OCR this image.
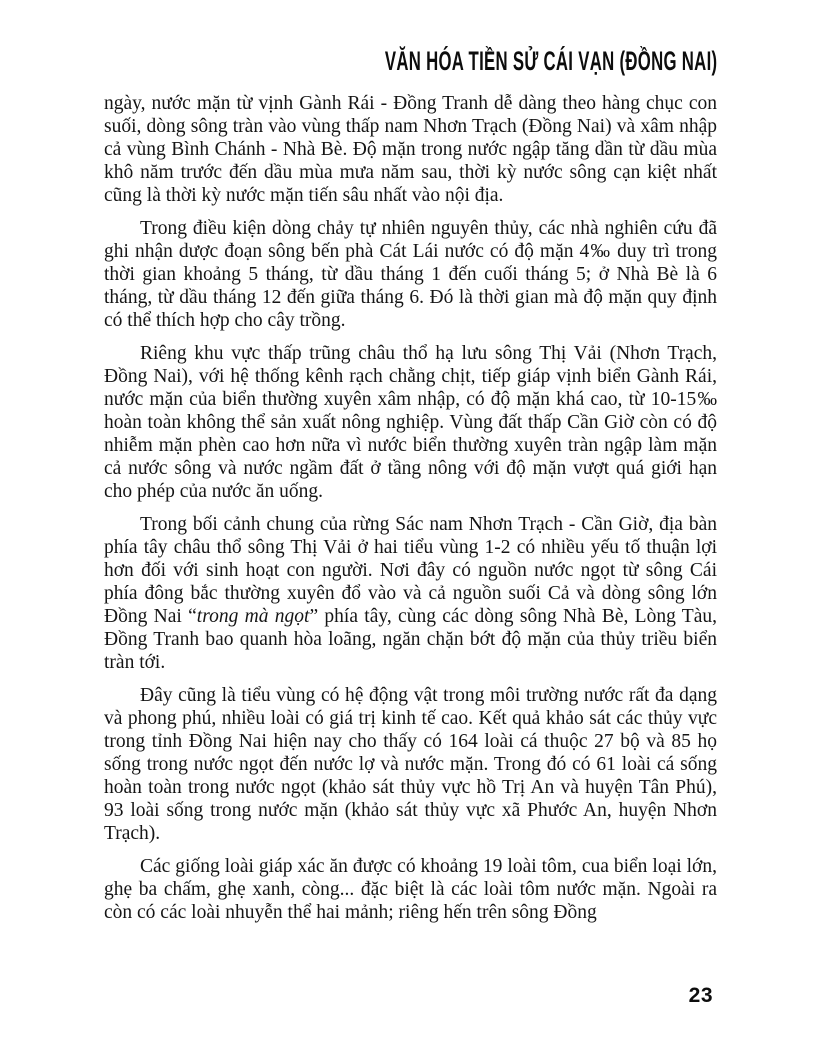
VĂN HÓA TIỀN SỬ CÁI VẠN (ĐỒNG NAI)

ngày, nước mặn từ vịnh Gành Rái - Đồng Tranh dễ dàng theo hàng chục con suối, dòng sông tràn vào vùng thấp nam Nhơn Trạch (Đồng Nai) và xâm nhập cả vùng Bình Chánh - Nhà Bè. Độ mặn trong nước ngập tăng dần từ dầu mùa khô năm trước đến dầu mùa mưa năm sau, thời kỳ nước sông cạn kiệt nhất cũng là thời kỳ nước mặn tiến sâu nhất vào nội địa.

Trong điều kiện dòng chảy tự nhiên nguyên thủy, các nhà nghiên cứu đã ghi nhận dược đoạn sông bến phà Cát Lái nước có độ mặn 4‰ duy trì trong thời gian khoảng 5 tháng, từ dầu tháng 1 đến cuối tháng 5; ở Nhà Bè là 6 tháng, từ dầu tháng 12 đến giữa tháng 6. Đó là thời gian mà độ mặn quy định có thể thích hợp cho cây trồng.

Riêng khu vực thấp trũng châu thổ hạ lưu sông Thị Vải (Nhơn Trạch, Đồng Nai), với hệ thống kênh rạch chằng chịt, tiếp giáp vịnh biển Gành Rái, nước mặn của biển thường xuyên xâm nhập, có độ mặn khá cao, từ 10-15‰ hoàn toàn không thể sản xuất nông nghiệp. Vùng đất thấp Cần Giờ còn có độ nhiễm mặn phèn cao hơn nữa vì nước biển thường xuyên tràn ngập làm mặn cả nước sông và nước ngầm đất ở tầng nông với độ mặn vượt quá giới hạn cho phép của nước ăn uống.

Trong bối cảnh chung của rừng Sác nam Nhơn Trạch - Cần Giờ, địa bàn phía tây châu thổ sông Thị Vải ở hai tiểu vùng 1-2 có nhiều yếu tố thuận lợi hơn đối với sinh hoạt con người. Nơi đây có nguồn nước ngọt từ sông Cái phía đông bắc thường xuyên đổ vào và cả nguồn suối Cả và dòng sông lớn Đồng Nai “trong mà ngọt” phía tây, cùng các dòng sông Nhà Bè, Lòng Tàu, Đồng Tranh bao quanh hòa loãng, ngăn chặn bớt độ mặn của thủy triều biển tràn tới.

Đây cũng là tiểu vùng có hệ động vật trong môi trường nước rất đa dạng và phong phú, nhiều loài có giá trị kinh tế cao. Kết quả khảo sát các thủy vực trong tỉnh Đồng Nai hiện nay cho thấy có 164 loài cá thuộc 27 bộ và 85 họ sống trong nước ngọt đến nước lợ và nước mặn. Trong đó có 61 loài cá sống hoàn toàn trong nước ngọt (khảo sát thủy vực hồ Trị An và huyện Tân Phú), 93 loài sống trong nước mặn (khảo sát thủy vực xã Phước An, huyện Nhơn Trạch).

Các giống loài giáp xác ăn được có khoảng 19 loài tôm, cua biển loại lớn, ghẹ ba chấm, ghẹ xanh, còng... đặc biệt là các loài tôm nước mặn. Ngoài ra còn có các loài nhuyễn thể hai mảnh; riêng hến trên sông Đồng

23
